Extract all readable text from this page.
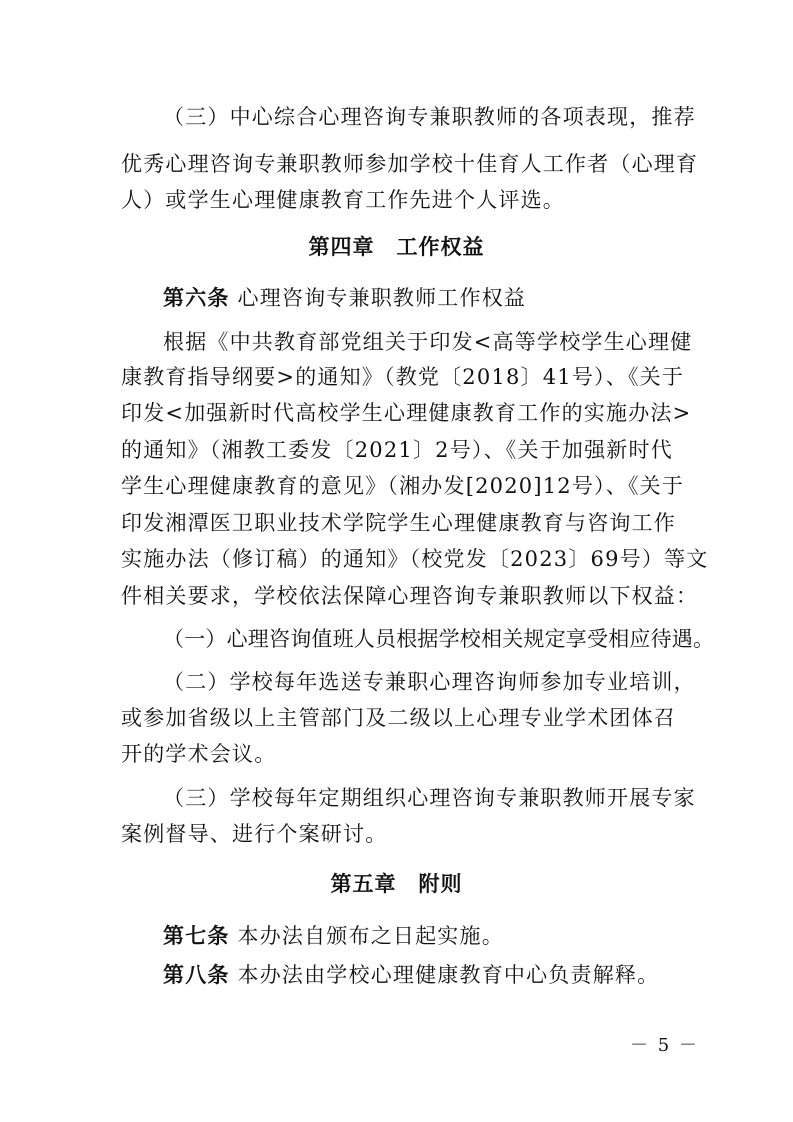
（三）中心综合心理咨询专兼职教师的各项表现，推荐
优秀心理咨询专兼职教师参加学校十佳育人工作者（心理育
人）或学生心理健康教育工作先进个人评选。
第四章　工作权益
第六条 心理咨询专兼职教师工作权益
根据《中共教育部党组关于印发<高等学校学生心理健
康教育指导纲要>的通知》（教党〔2018〕41号）、《关于
印发<加强新时代高校学生心理健康教育工作的实施办法>
的通知》（湘教工委发〔2021〕2号）、《关于加强新时代
学生心理健康教育的意见》（湘办发[2020]12号）、《关于
印发湘潭医卫职业技术学院学生心理健康教育与咨询工作
实施办法（修订稿）的通知》（校党发〔2023〕69号）等文
件相关要求，学校依法保障心理咨询专兼职教师以下权益：
（一）心理咨询值班人员根据学校相关规定享受相应待遇。
（二）学校每年选送专兼职心理咨询师参加专业培训，
或参加省级以上主管部门及二级以上心理专业学术团体召
开的学术会议。
（三）学校每年定期组织心理咨询专兼职教师开展专家
案例督导、进行个案研讨。
第五章　附则
第七条 本办法自颁布之日起实施。
第八条 本办法由学校心理健康教育中心负责解释。
－ 5 －
